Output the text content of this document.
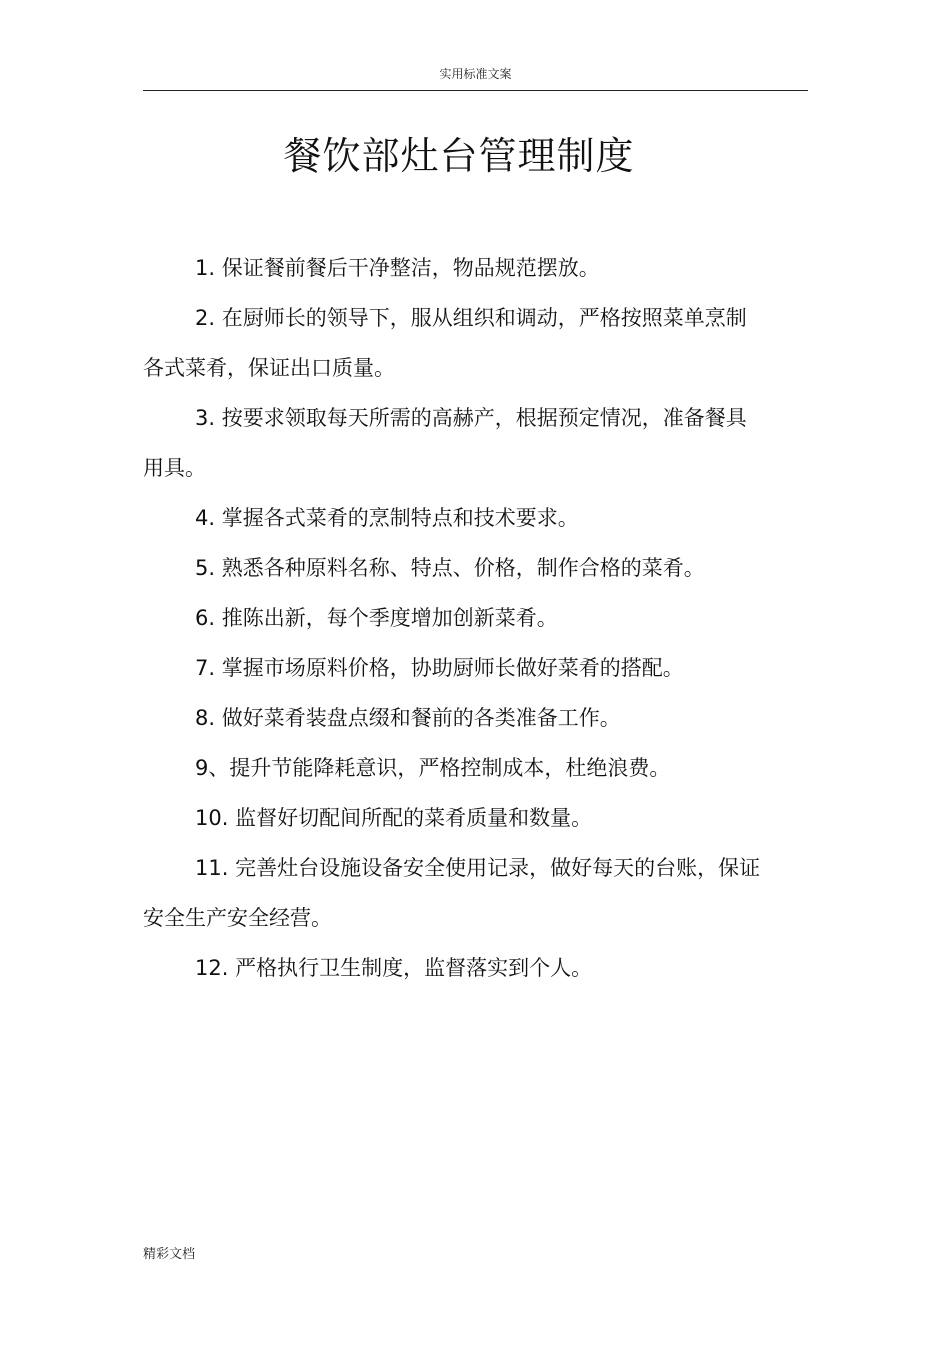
实用标准文案
餐饮部灶台管理制度

1. 保证餐前餐后干净整洁，物品规范摆放。

2. 在厨师长的领导下，服从组织和调动，严格按照菜单烹制各式菜肴，保证出口质量。

3. 按要求领取每天所需的高赫产，根据预定情况，准备餐具用具。

4. 掌握各式菜肴的烹制特点和技术要求。

5. 熟悉各种原料名称、特点、价格，制作合格的菜肴。

6. 推陈出新，每个季度增加创新菜肴。

7. 掌握市场原料价格，协助厨师长做好菜肴的搭配。

8. 做好菜肴装盘点缀和餐前的各类准备工作。

9、提升节能降耗意识，严格控制成本，杜绝浪费。

10. 监督好切配间所配的菜肴质量和数量。

11. 完善灶台设施设备安全使用记录，做好每天的台账，保证安全生产安全经营。

12. 严格执行卫生制度，监督落实到个人。

精彩文档
